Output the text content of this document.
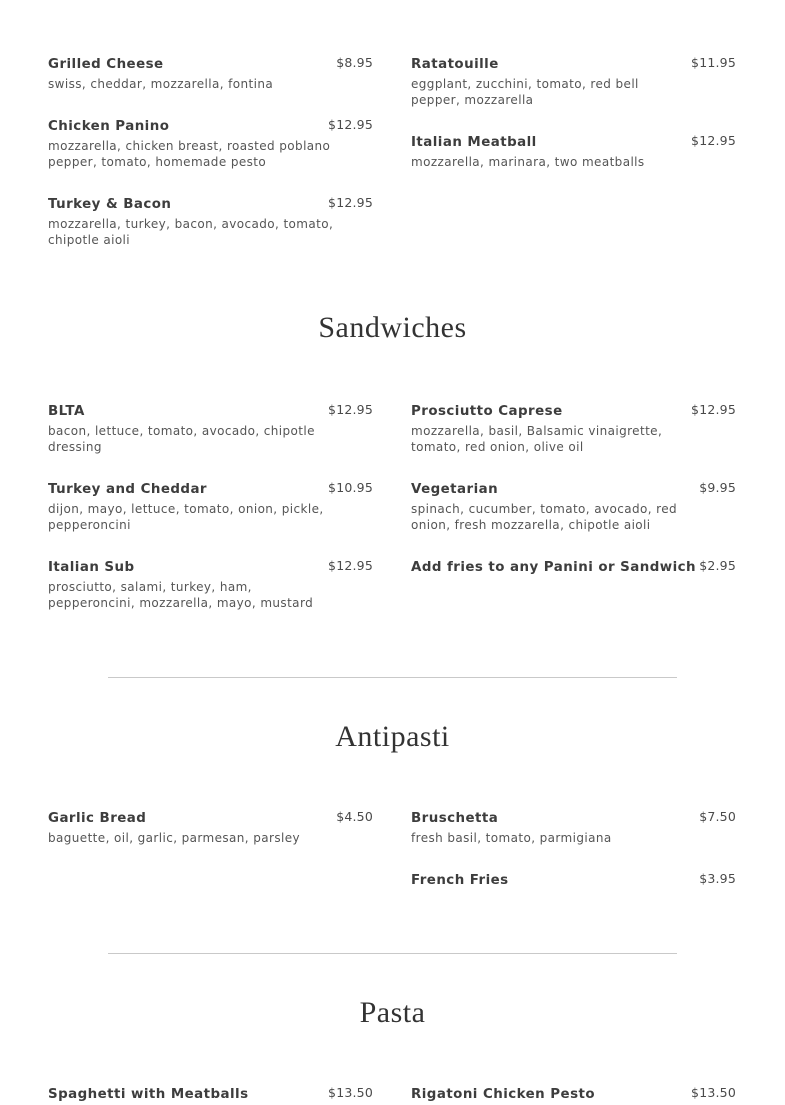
Grilled Cheese	$8.95
swiss, cheddar, mozzarella, fontina
Chicken Panino	$12.95
mozzarella, chicken breast, roasted poblano pepper, tomato, homemade pesto
Turkey & Bacon	$12.95
mozzarella, turkey, bacon, avocado, tomato, chipotle aioli
Ratatouille	$11.95
eggplant, zucchini, tomato, red bell pepper, mozzarella
Italian Meatball	$12.95
mozzarella, marinara, two meatballs
Sandwiches
BLTA	$12.95
bacon, lettuce, tomato, avocado, chipotle dressing
Turkey and Cheddar	$10.95
dijon, mayo, lettuce, tomato, onion, pickle, pepperoncini
Italian Sub	$12.95
prosciutto, salami, turkey, ham, pepperoncini, mozzarella, mayo, mustard
Prosciutto Caprese	$12.95
mozzarella, basil, Balsamic vinaigrette, tomato, red onion, olive oil
Vegetarian	$9.95
spinach, cucumber, tomato, avocado, red onion, fresh mozzarella, chipotle aioli
Add fries to any Panini or Sandwich $2.95
Antipasti
Garlic Bread	$4.50
baguette, oil, garlic, parmesan, parsley
Bruschetta	$7.50
fresh basil, tomato, parmigiana
French Fries	$3.95
Pasta
Spaghetti with Meatballs	$13.50	Rigatoni Chicken Pesto	$13.50
